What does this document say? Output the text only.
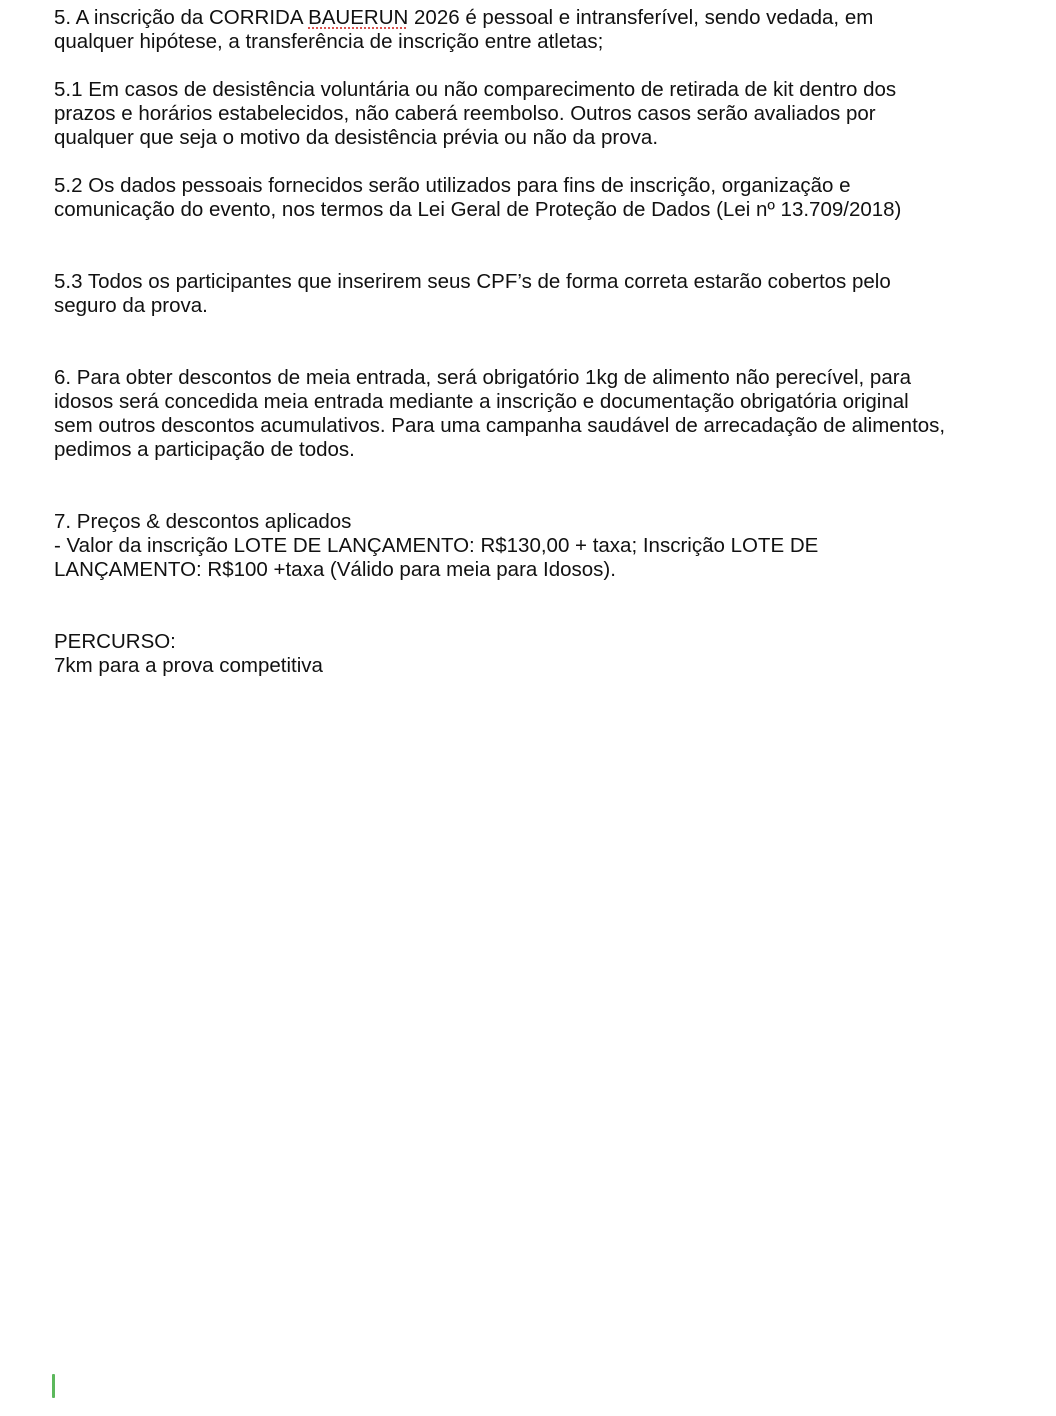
5. A inscrição da CORRIDA BAUERUN 2026 é pessoal e intransferível, sendo vedada, em
qualquer hipótese, a transferência de inscrição entre atletas;

5.1 Em casos de desistência voluntária ou não comparecimento de retirada de kit dentro dos
prazos e horários estabelecidos, não caberá reembolso. Outros casos serão avaliados por
qualquer que seja o motivo da desistência prévia ou não da prova.

5.2 Os dados pessoais fornecidos serão utilizados para fins de inscrição, organização e
comunicação do evento, nos termos da Lei Geral de Proteção de Dados (Lei nº 13.709/2018)

5.3 Todos os participantes que inserirem seus CPF’s de forma correta estarão cobertos pelo
seguro da prova.

6. Para obter descontos de meia entrada, será obrigatório 1kg de alimento não perecível, para
idosos será concedida meia entrada mediante a inscrição e documentação obrigatória original
sem outros descontos acumulativos. Para uma campanha saudável de arrecadação de alimentos,
pedimos a participação de todos.

7. Preços & descontos aplicados

- Valor da inscrição LOTE DE LANÇAMENTO: R$130,00 + taxa; Inscrição LOTE DE
LANÇAMENTO: R$100 +taxa (Válido para meia para Idosos).

PERCURSO:

7km para a prova competitiva
